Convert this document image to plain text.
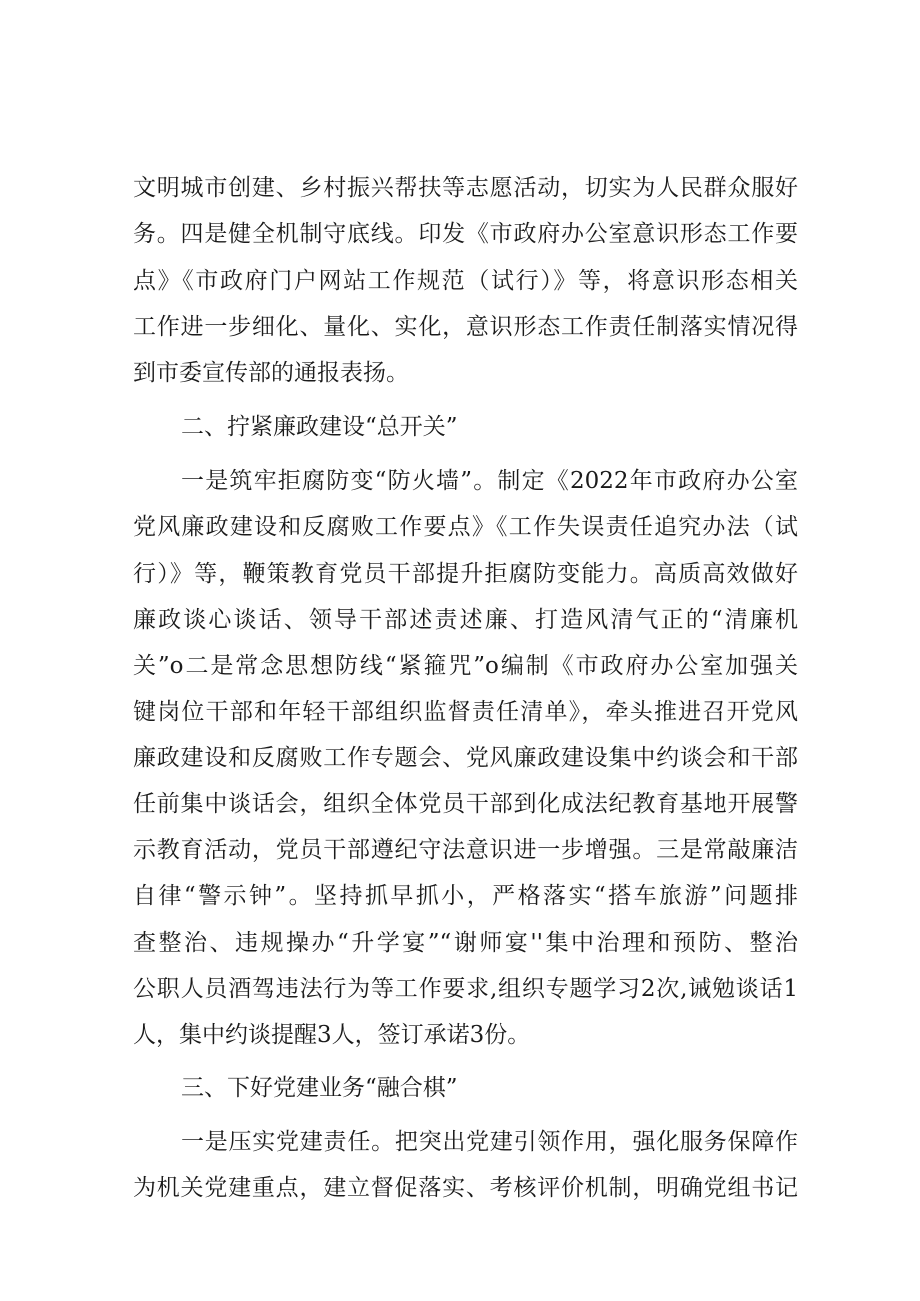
文明城市创建、乡村振兴帮扶等志愿活动，切实为人民群众服好
务。四是健全机制守底线。印发《市政府办公室意识形态工作要
点》《市政府门户网站工作规范（试行）》等，将意识形态相关
工作进一步细化、量化、实化，意识形态工作责任制落实情况得
到市委宣传部的通报表扬。
二、拧紧廉政建设“总开关”
一是筑牢拒腐防变“防火墙”。制定《2022年市政府办公室
党风廉政建设和反腐败工作要点》《工作失误责任追究办法（试
行）》等，鞭策教育党员干部提升拒腐防变能力。高质高效做好
廉政谈心谈话、领导干部述责述廉、打造风清气正的“清廉机
关”o二是常念思想防线“紧箍咒”o编制《市政府办公室加强关
键岗位干部和年轻干部组织监督责任清单》，牵头推进召开党风
廉政建设和反腐败工作专题会、党风廉政建设集中约谈会和干部
任前集中谈话会，组织全体党员干部到化成法纪教育基地开展警
示教育活动，党员干部遵纪守法意识进一步增强。三是常敲廉洁
自律“警示钟”。坚持抓早抓小，严格落实“搭车旅游”问题排
查整治、违规操办“升学宴”“谢师宴''集中治理和预防、整治
公职人员酒驾违法行为等工作要求,组织专题学习2次,诫勉谈话1
人，集中约谈提醒3人，签订承诺3份。
三、下好党建业务“融合棋”
一是压实党建责任。把突出党建引领作用，强化服务保障作
为机关党建重点，建立督促落实、考核评价机制，明确党组书记
